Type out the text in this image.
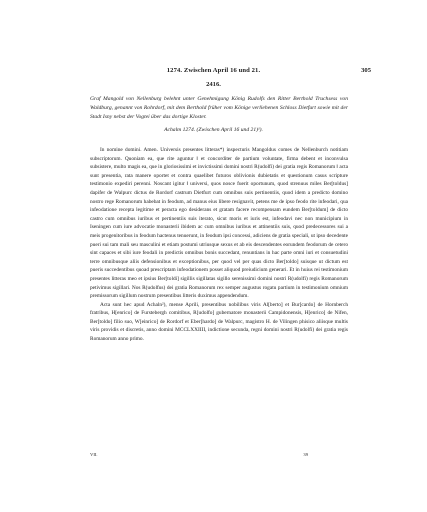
1274. Zwischen April 16 und 21.	305
2416.

Graf Mangold von Nellenburg belehnt unter Genehmigung König Rudolfs den Ritter Berthold Truchsess von Waldburg, genannt von Rohrdorf, mit dem Berthold früher vom Könige verliehenen Schloss Dietfurt sowie mit der Stadt Isny nebst der Vogtei über das dortige Kloster.

Achalm 1274. (Zwischen April 16 und 21)¹).

In nomine domini. Amen. Universis presentes litteras*) inspecturis Mangoldus comes de Nellenburch notitiam subscriptorum. Quoniam ea, que rite aguntur ‖ et concorditer de partium voluntate, firma debent et inconvulsa subsistere, multo magis ea, que in gloriosissimi et invictissimi domini nostri R(udolfi) dei gratia regis Romanorum ‖ acta sunt presentia, rata manere oportet et contra quaelibet futuros oblivionis dubietatis et questionum casus scripture testimonio expediri perenni. Noscant igitur ‖ universi, quos nosce fuerit oportunum, quod strenuus miles Ber[toldus] dapifer de Walpurc dictus de Rordorf castrum Dietfurt cum omnibus suis pertinentiis, quod idem a predicto domino nostro rege Romanorum habebat in feodum, ad manus eius libere resignavit, petens me de ipso feodo rite infeodari, qua infeodatione recepta legitime et peracta ego desiderans et gratam facere recompensam eundem Ber[toldum] de dicto castro cum omnibus iuribus et pertinentiis suis iterato, sicut moris et iuris est, infeodavi nec non municipium in Iseningen cum iure advocatie monasterii ibidem ac cum omnibus iuribus et attinentiis suis, quod predecessores sui a meis progenitoribus in feodum hactenus tenuerunt, in feodum ipsi concessi, adiciens de gratia speciali, ut ipso decedente pueri sui tam mali seu masculini et etiam postumi utriusque sexus et ab eis descendentes eorundem feodorum de cetero sint capaces et sibi iure feodali in predictis omnibus bonis succedant, renuntians in hac parte omni iuri et consuetudini terre omnibusque aliis defensionibus et exceptionibus, per quod vel per quas dicto Ber[toldo] suisque ut dictum est pueris succedentibus quoad prescriptam infeodationem posset aliquod preiudicium generari. Et in huius rei testimonium presentes litteras meo et ipsius Ber[toldi] sigillis sigillatas sigillo serenissimi domini nostri R(udolfi) regis Romanorum petivimus sigillari. Nos R(udolfus) dei gratia Romanorum rex semper augustus rogatu partium in testimonium omnium premissorum sigillum nostrum presentibus litteris duximus appendendum.

Acta sunt hec apud Achaln²), mense Aprili, presentibus nobilibus viris Al[berto] et Bur[cardo] de Hornberch fratribus, H[enrico] de Furstebergh comitibus, R[udolfo] gubernatore monasterii Campidonensis, H[enrico] de Nifen, Ber[toldo] filio suo, W[einrico] de Rordorf et Eber[hardo] de Walpurc, magistro H. de Vilingen phisico aliisque multis viris providis et discretis, anno domini MCCLXXIIII, indictione secunda, regni domini nostri R(udolfi) dei gratia regis Romanorum anno primo.

VII.	39
